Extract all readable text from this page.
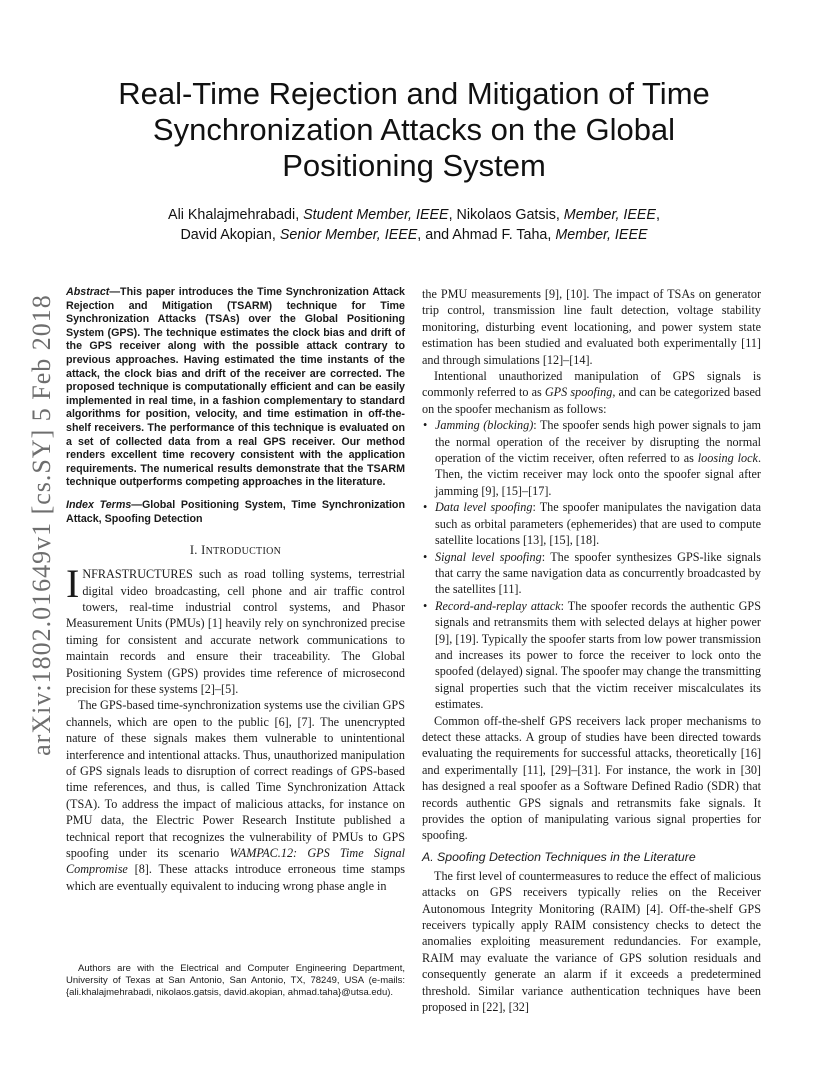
arXiv:1802.01649v1 [cs.SY] 5 Feb 2018
Real-Time Rejection and Mitigation of Time Synchronization Attacks on the Global Positioning System
Ali Khalajmehrabadi, Student Member, IEEE, Nikolaos Gatsis, Member, IEEE,
David Akopian, Senior Member, IEEE, and Ahmad F. Taha, Member, IEEE

Abstract—This paper introduces the Time Synchronization Attack Rejection and Mitigation (TSARM) technique for Time Synchronization Attacks (TSAs) over the Global Positioning System (GPS). The technique estimates the clock bias and drift of the GPS receiver along with the possible attack contrary to previous approaches. Having estimated the time instants of the attack, the clock bias and drift of the receiver are corrected. The proposed technique is computationally efficient and can be easily implemented in real time, in a fashion complementary to standard algorithms for position, velocity, and time estimation in off-the-shelf receivers. The performance of this technique is evaluated on a set of collected data from a real GPS receiver. Our method renders excellent time recovery consistent with the application requirements. The numerical results demonstrate that the TSARM technique outperforms competing approaches in the literature.

Index Terms—Global Positioning System, Time Synchronization Attack, Spoofing Detection

I. INTRODUCTION

INFRASTRUCTURES such as road tolling systems, terrestrial digital video broadcasting, cell phone and air traffic control towers, real-time industrial control systems, and Phasor Measurement Units (PMUs) [1] heavily rely on synchronized precise timing for consistent and accurate network communications to maintain records and ensure their traceability. The Global Positioning System (GPS) provides time reference of microsecond precision for these systems [2]–[5].

The GPS-based time-synchronization systems use the civilian GPS channels, which are open to the public [6], [7]. The unencrypted nature of these signals makes them vulnerable to unintentional interference and intentional attacks. Thus, unauthorized manipulation of GPS signals leads to disruption of correct readings of GPS-based time references, and thus, is called Time Synchronization Attack (TSA). To address the impact of malicious attacks, for instance on PMU data, the Electric Power Research Institute published a technical report that recognizes the vulnerability of PMUs to GPS spoofing under its scenario WAMPAC.12: GPS Time Signal Compromise [8]. These attacks introduce erroneous time stamps which are eventually equivalent to inducing wrong phase angle in

Authors are with the Electrical and Computer Engineering Department, University of Texas at San Antonio, San Antonio, TX, 78249, USA (e-mails: {ali.khalajmehrabadi, nikolaos.gatsis, david.akopian, ahmad.taha}@utsa.edu).

the PMU measurements [9], [10]. The impact of TSAs on generator trip control, transmission line fault detection, voltage stability monitoring, disturbing event locationing, and power system state estimation has been studied and evaluated both experimentally [11] and through simulations [12]–[14].

Intentional unauthorized manipulation of GPS signals is commonly referred to as GPS spoofing, and can be categorized based on the spoofer mechanism as follows:

• Jamming (blocking): The spoofer sends high power signals to jam the normal operation of the receiver by disrupting the normal operation of the victim receiver, often referred to as loosing lock. Then, the victim receiver may lock onto the spoofer signal after jamming [9], [15]–[17].
• Data level spoofing: The spoofer manipulates the navigation data such as orbital parameters (ephemerides) that are used to compute satellite locations [13], [15], [18].
• Signal level spoofing: The spoofer synthesizes GPS-like signals that carry the same navigation data as concurrently broadcasted by the satellites [11].
• Record-and-replay attack: The spoofer records the authentic GPS signals and retransmits them with selected delays at higher power [9], [19]. Typically the spoofer starts from low power transmission and increases its power to force the receiver to lock onto the spoofed (delayed) signal. The spoofer may change the transmitting signal properties such that the victim receiver miscalculates its estimates.

Common off-the-shelf GPS receivers lack proper mechanisms to detect these attacks. A group of studies have been directed towards evaluating the requirements for successful attacks, theoretically [16] and experimentally [11], [29]–[31]. For instance, the work in [30] has designed a real spoofer as a Software Defined Radio (SDR) that records authentic GPS signals and retransmits fake signals. It provides the option of manipulating various signal properties for spoofing.

A. Spoofing Detection Techniques in the Literature

The first level of countermeasures to reduce the effect of malicious attacks on GPS receivers typically relies on the Receiver Autonomous Integrity Monitoring (RAIM) [4]. Off-the-shelf GPS receivers typically apply RAIM consistency checks to detect the anomalies exploiting measurement redundancies. For example, RAIM may evaluate the variance of GPS solution residuals and consequently generate an alarm if it exceeds a predetermined threshold. Similar variance authentication techniques have been proposed in [22], [32]
